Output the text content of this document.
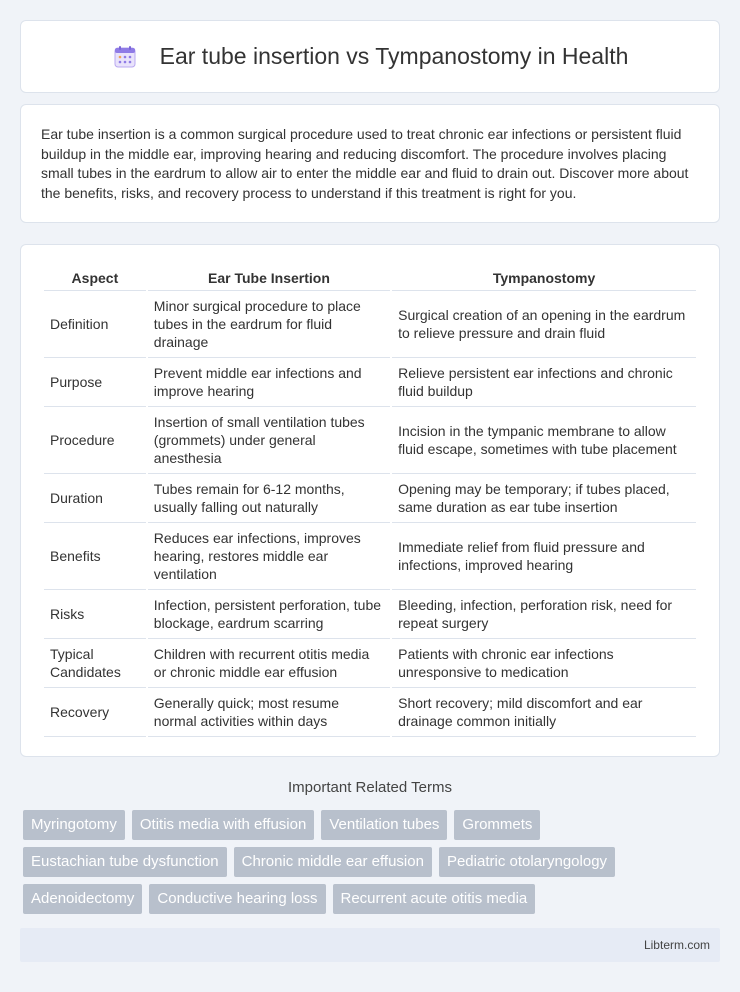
Ear tube insertion vs Tympanostomy in Health

Ear tube insertion is a common surgical procedure used to treat chronic ear infections or persistent fluid buildup in the middle ear, improving hearing and reducing discomfort. The procedure involves placing small tubes in the eardrum to allow air to enter the middle ear and fluid to drain out. Discover more about the benefits, risks, and recovery process to understand if this treatment is right for you.

Aspect	Ear Tube Insertion	Tympanostomy
Definition	Minor surgical procedure to place tubes in the eardrum for fluid drainage	Surgical creation of an opening in the eardrum to relieve pressure and drain fluid
Purpose	Prevent middle ear infections and improve hearing	Relieve persistent ear infections and chronic fluid buildup
Procedure	Insertion of small ventilation tubes (grommets) under general anesthesia	Incision in the tympanic membrane to allow fluid escape, sometimes with tube placement
Duration	Tubes remain for 6-12 months, usually falling out naturally	Opening may be temporary; if tubes placed, same duration as ear tube insertion
Benefits	Reduces ear infections, improves hearing, restores middle ear ventilation	Immediate relief from fluid pressure and infections, improved hearing
Risks	Infection, persistent perforation, tube blockage, eardrum scarring	Bleeding, infection, perforation risk, need for repeat surgery
Typical Candidates	Children with recurrent otitis media or chronic middle ear effusion	Patients with chronic ear infections unresponsive to medication
Recovery	Generally quick; most resume normal activities within days	Short recovery; mild discomfort and ear drainage common initially
Important Related Terms
Myringotomy	Otitis media with effusion	Ventilation tubes	Grommets
Eustachian tube dysfunction	Chronic middle ear effusion	Pediatric otolaryngology
Adenoidectomy	Conductive hearing loss	Recurrent acute otitis media
Libterm.com
